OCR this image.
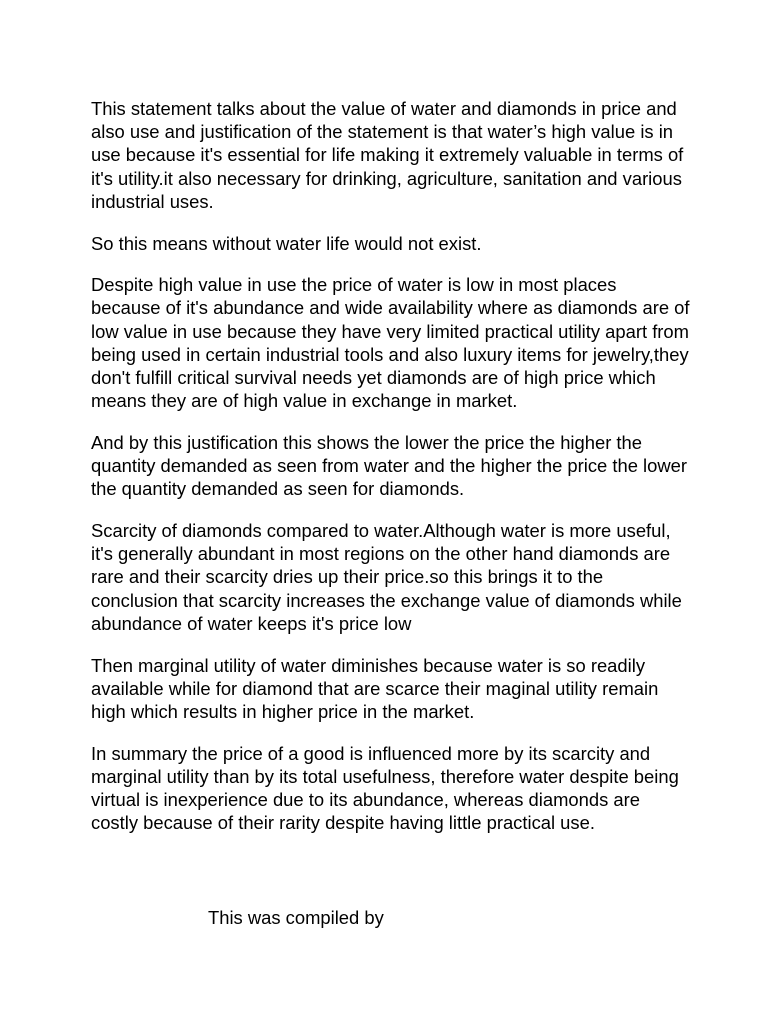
This statement talks about the value of water and diamonds in price and also use and justification of the statement is that water’s high value is in use because it's essential for life making it extremely valuable in terms of it's utility.it also necessary for drinking, agriculture, sanitation and various industrial uses.

So this means without water life would not exist.

Despite high value in use the price of water is low in most places because of it's abundance and wide availability where as diamonds are of low value in use because they have very limited practical utility apart from being used in certain industrial tools and also luxury items for jewelry,they don't fulfill critical survival needs yet diamonds are of high price which means they are of high value in exchange in market.

And by this justification this shows the lower the price the higher the quantity demanded as seen from water and the higher the price the lower the quantity demanded as seen for diamonds.

Scarcity of diamonds compared to water.Although water is more useful, it's generally abundant in most regions on the other hand diamonds are rare and their scarcity dries up their price.so this brings it to the conclusion that scarcity increases the exchange value of diamonds while abundance of water keeps it's price low

Then marginal utility of water diminishes because water is so readily available while for diamond that are scarce their maginal utility remain high which results in higher price in the market.

In summary the price of a good is influenced more by its scarcity and marginal utility than by its total usefulness, therefore water despite being virtual is inexperience due to its abundance, whereas diamonds are costly because of their rarity despite having little practical use.

This was compiled by
